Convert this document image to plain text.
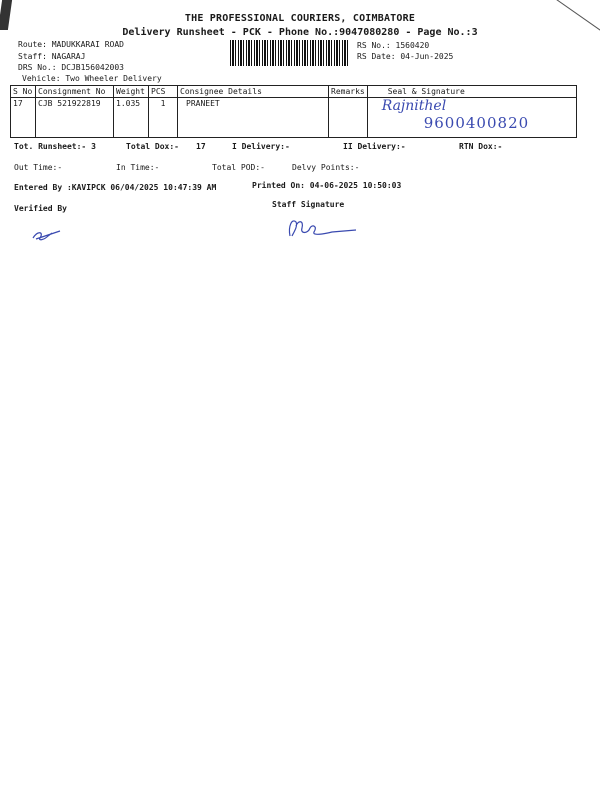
THE PROFESSIONAL COURIERS, COIMBATORE
Delivery Runsheet - PCK - Phone No.:9047080280 - Page No.:3
Route: MADUKKARAI ROAD
Staff: NAGARAJ
DRS No.: DCJB156042003
Vehicle: Two Wheeler Delivery
RS No.: 1560420
RS Date: 04-Jun-2025
S No	Consignment No	Weight	PCS	Consignee Details	Remarks	Seal & Signature
17	CJB 521922819	1.035	1	PRANEET		Rajnithel
9600400820
Tot. Runsheet:- 3	Total Dox:- 17	I Delivery:-	II Delivery:-	RTN Dox:-
Out Time:-	In Time:-	Total POD:-	Delvy Points:-
Entered By :KAVIPCK 06/04/2025 10:47:39 AM	Printed On: 04-06-2025 10:50:03
Verified By	Staff Signature
